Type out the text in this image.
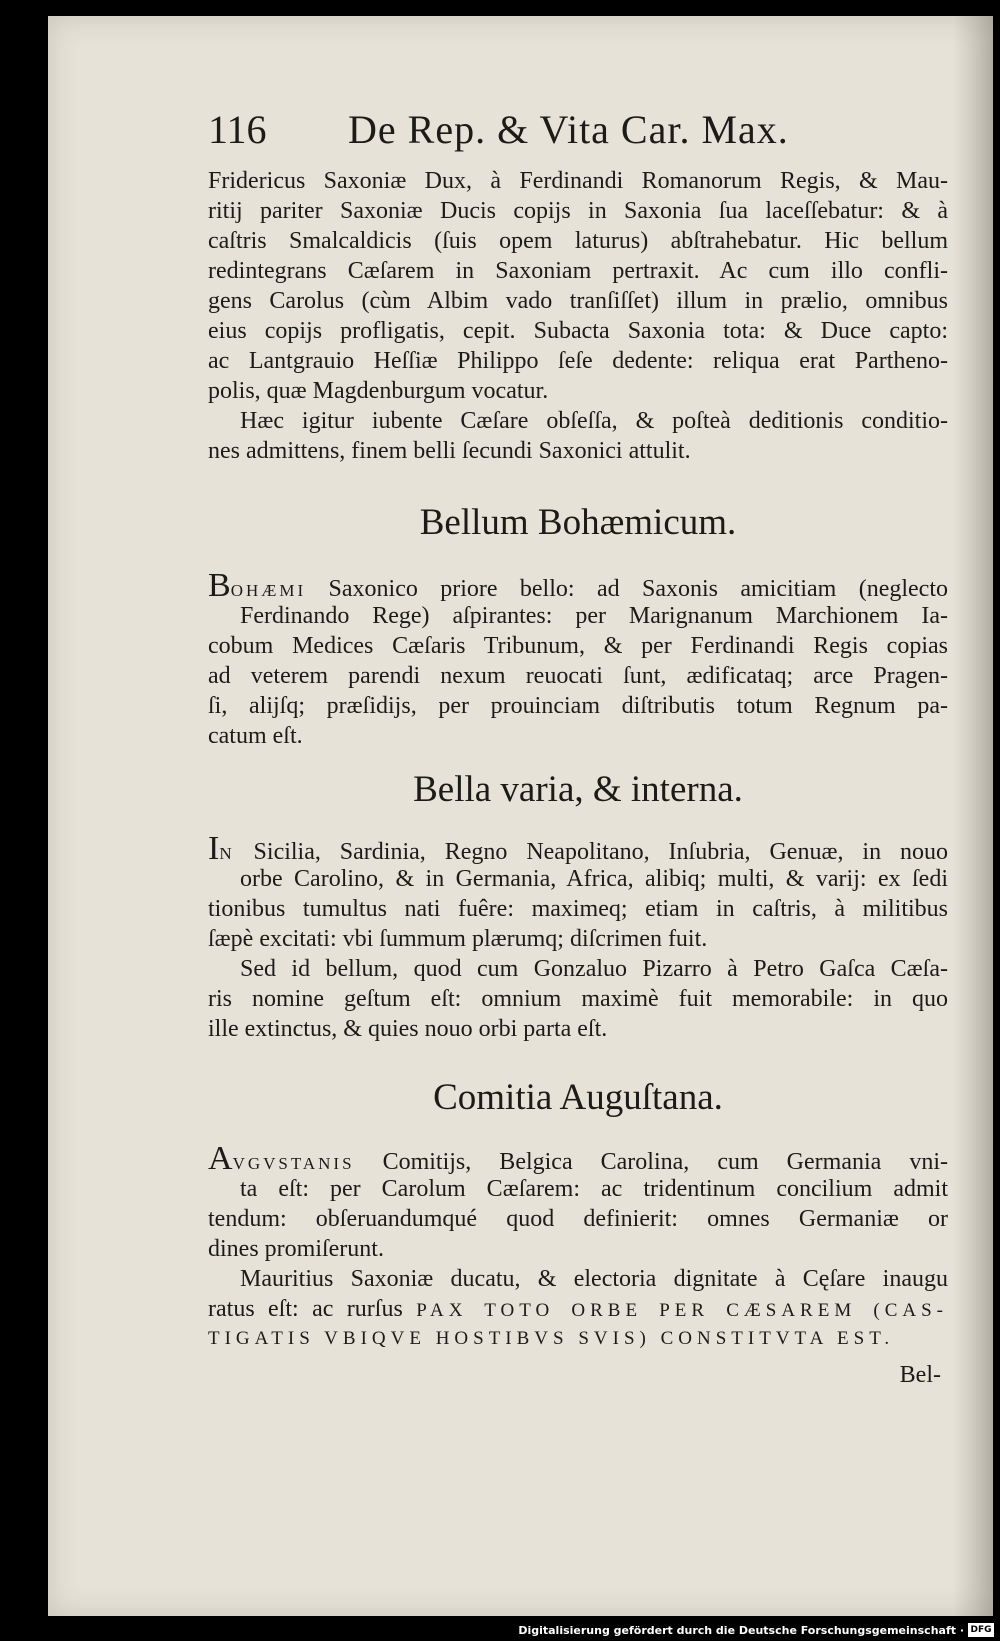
116 De Rep. & Vita Car. Max.
Fridericus Saxoniæ Dux, à Ferdinandi Romanorum Regis, & Mau-
ritij pariter Saxoniæ Ducis copijs in Saxonia ſua laceſſebatur: & à
caſtris Smalcaldicis (ſuis opem laturus) abſtrahebatur. Hic bellum
redintegrans Cæſarem in Saxoniam pertraxit. Ac cum illo confli-
gens Carolus (cùm Albim vado tranſiſſet) illum in prælio, omnibus
eius copijs profligatis, cepit. Subacta Saxonia tota: & Duce capto:
ac Lantgrauio Heſſiæ Philippo ſeſe dedente: reliqua erat Partheno-
polis, quæ Magdenburgum vocatur.
Hæc igitur iubente Cæſare obſeſſa, & poſteà deditionis conditio-
nes admittens, finem belli ſecundi Saxonici attulit.
Bellum Bohæmicum.
BOHÆMI Saxonico priore bello: ad Saxonis amicitiam (neglecto
Ferdinando Rege) aſpirantes: per Marignanum Marchionem Ia-
cobum Medices Cæſaris Tribunum, & per Ferdinandi Regis copias
ad veterem parendi nexum reuocati ſunt, ædificataq; arce Pragen-
ſi, alijſq; præſidijs, per prouinciam diſtributis totum Regnum pa-
catum eſt.
Bella varia, & interna.
IN Sicilia, Sardinia, Regno Neapolitano, Inſubria, Genuæ, in nouo
orbe Carolino, & in Germania, Africa, alibiq; multi, & varij: ex ſedi
tionibus tumultus nati fuêre: maximeq; etiam in caſtris, à militibus
ſæpè excitati: vbi ſummum plærumq; diſcrimen fuit.
Sed id bellum, quod cum Gonzaluo Pizarro à Petro Gaſca Cæſa-
ris nomine geſtum eſt: omnium maximè fuit memorabile: in quo
ille extinctus, & quies nouo orbi parta eſt.
Comitia Auguſtana.
AVGVSTANIS Comitijs, Belgica Carolina, cum Germania vni-
ta eſt: per Carolum Cæſarem: ac tridentinum concilium admit
tendum: obſeruandumqué quod definierit: omnes Germaniæ or
dines promiſerunt.
Mauritius Saxoniæ ducatu, & electoria dignitate à Cęſare inaugu
ratus eſt: ac rurſus PAX TOTO ORBE PER CÆSAREM (CAS-
TIGATIS VBIQVE HOSTIBVS SVIS) CONSTITVTA EST.
Bel-
Digitalisierung gefördert durch die Deutsche Forschungsgemeinschaft · DFG
